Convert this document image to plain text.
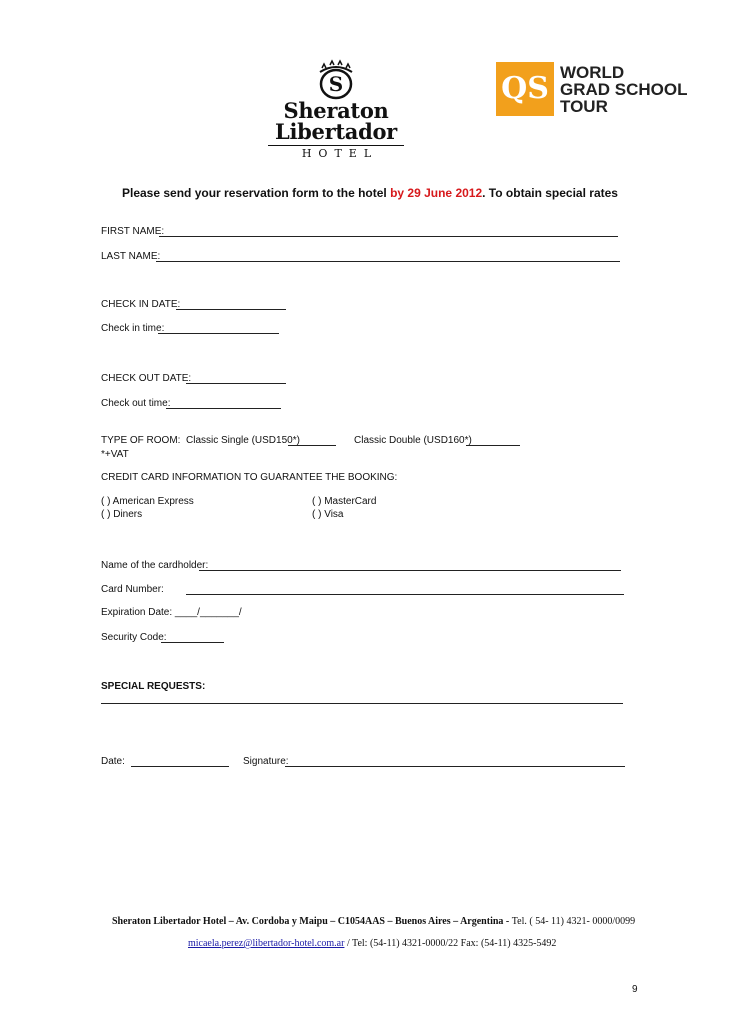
S
Sheraton
Libertador
HOTEL
QS WORLD
GRAD SCHOOL
TOUR
Please send your reservation form to the hotel by 29 June 2012. To obtain special rates
FIRST NAME:
LAST NAME:
CHECK IN DATE:
Check in time:
CHECK OUT DATE:
Check out time:
TYPE OF ROOM: Classic Single (USD150*)	Classic Double (USD160*)
*+VAT
CREDIT CARD INFORMATION TO GUARANTEE THE BOOKING:
( ) American Express	( ) MasterCard
( ) Diners	( ) Visa
Name of the cardholder:
Card Number:
Expiration Date: ____/_______/
Security Code:
SPECIAL REQUESTS:
Date:	Signature:
Sheraton Libertador Hotel – Av. Cordoba y Maipu – C1054AAS – Buenos Aires – Argentina - Tel. ( 54- 11) 4321- 0000/0099
micaela.perez@libertador-hotel.com.ar / Tel: (54-11) 4321-0000/22 Fax: (54-11) 4325-5492
9
